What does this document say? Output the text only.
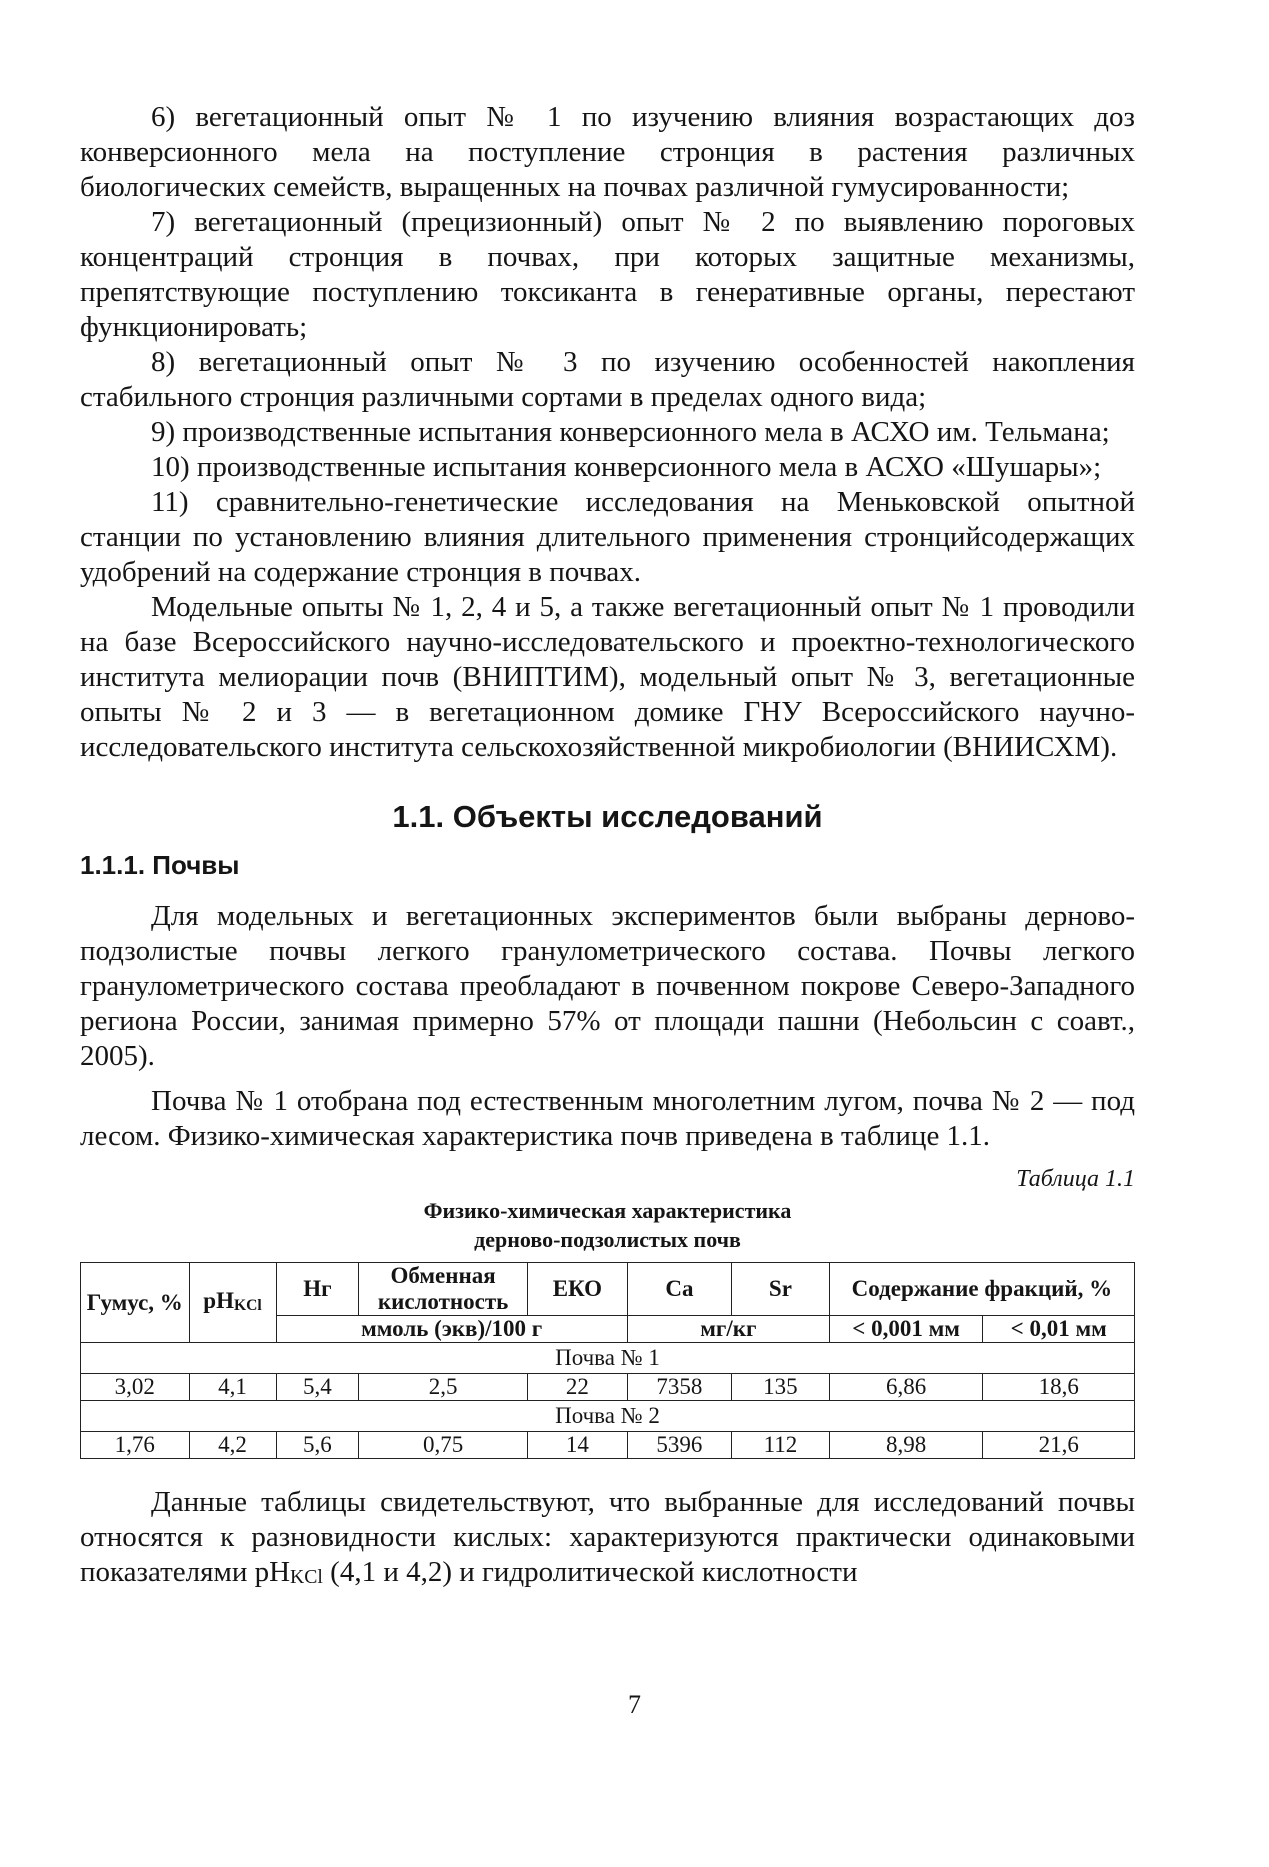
6) вегетационный опыт № 1 по изучению влияния возрастающих доз конверсионного мела на поступление стронция в растения различных биологических семейств, выращенных на почвах различной гумусированности;

7) вегетационный (прецизионный) опыт № 2 по выявлению пороговых концентраций стронция в почвах, при которых защитные механизмы, препятствующие поступлению токсиканта в генеративные органы, перестают функционировать;

8) вегетационный опыт № 3 по изучению особенностей накопления стабильного стронция различными сортами в пределах одного вида;

9) производственные испытания конверсионного мела в АСХО им. Тельмана;

10) производственные испытания конверсионного мела в АСХО «Шушары»;

11) сравнительно-генетические исследования на Меньковской опытной станции по установлению влияния длительного применения стронцийсодержащих удобрений на содержание стронция в почвах.

Модельные опыты № 1, 2, 4 и 5, а также вегетационный опыт № 1 проводили на базе Всероссийского научно-исследовательского и проектно-технологического института мелиорации почв (ВНИПТИМ), модельный опыт № 3, вегетационные опыты № 2 и 3 — в вегетационном домике ГНУ Всероссийского научно-исследовательского института сельскохозяйственной микробиологии (ВНИИСХМ).

1.1. Объекты исследований
1.1.1. Почвы

Для модельных и вегетационных экспериментов были выбраны дерново-подзолистые почвы легкого гранулометрического состава. Почвы легкого гранулометрического состава преобладают в почвенном покрове Северо-Западного региона России, занимая примерно 57% от площади пашни (Небольсин с соавт., 2005).

Почва № 1 отобрана под естественным многолетним лугом, почва № 2 — под лесом. Физико-химическая характеристика почв приведена в таблице 1.1.

Таблица 1.1
Физико-химическая характеристика
дерново-подзолистых почв
Гумус, %	$pH_{KCl}$	Hг	Обменная кислотность	ЕКО	Ca	Sr	Содержание фракций, %	
		ммоль (экв)/100 г			мг/кг		< 0,001 мм	< 0,01 мм
Почва № 1								
3,02	4,1	5,4	2,5	22	7358	135	6,86	18,6
Почва № 2								
1,76	4,2	5,6	0,75	14	5396	112	8,98	21,6

Данные таблицы свидетельствуют, что выбранные для исследований почвы относятся к разновидности кислых: характеризуются практически одинаковыми показателями $pH_{KCl}$ (4,1 и 4,2) и гидролитической кислотности

7
